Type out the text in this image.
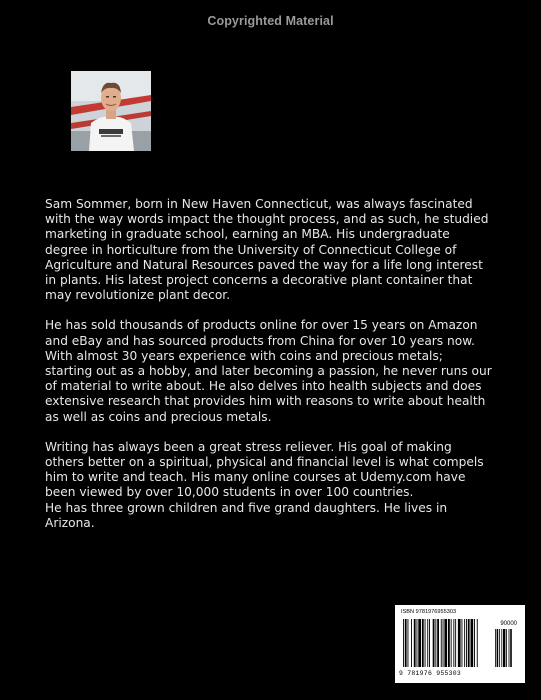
Copyrighted Material

Sam Sommer, born in New Haven Connecticut, was always fascinated
with the way words impact the thought process, and as such, he studied
marketing in graduate school, earning an MBA. His undergraduate
degree in horticulture from the University of Connecticut College of
Agriculture and Natural Resources paved the way for a life long interest
in plants. His latest project concerns a decorative plant container that
may revolutionize plant decor.

He has sold thousands of products online for over 15 years on Amazon
and eBay and has sourced products from China for over 10 years now.
With almost 30 years experience with coins and precious metals;
starting out as a hobby, and later becoming a passion, he never runs our
of material to write about. He also delves into health subjects and does
extensive research that provides him with reasons to write about health
as well as coins and precious metals.

Writing has always been a great stress reliever. His goal of making
others better on a spiritual, physical and financial level is what compels
him to write and teach. His many online courses at Udemy.com have
been viewed by over 10,000 students in over 100 countries.
He has three grown children and five grand daughters. He lives in
Arizona.

ISBN 9781976955303
90000
9 781976 955303
